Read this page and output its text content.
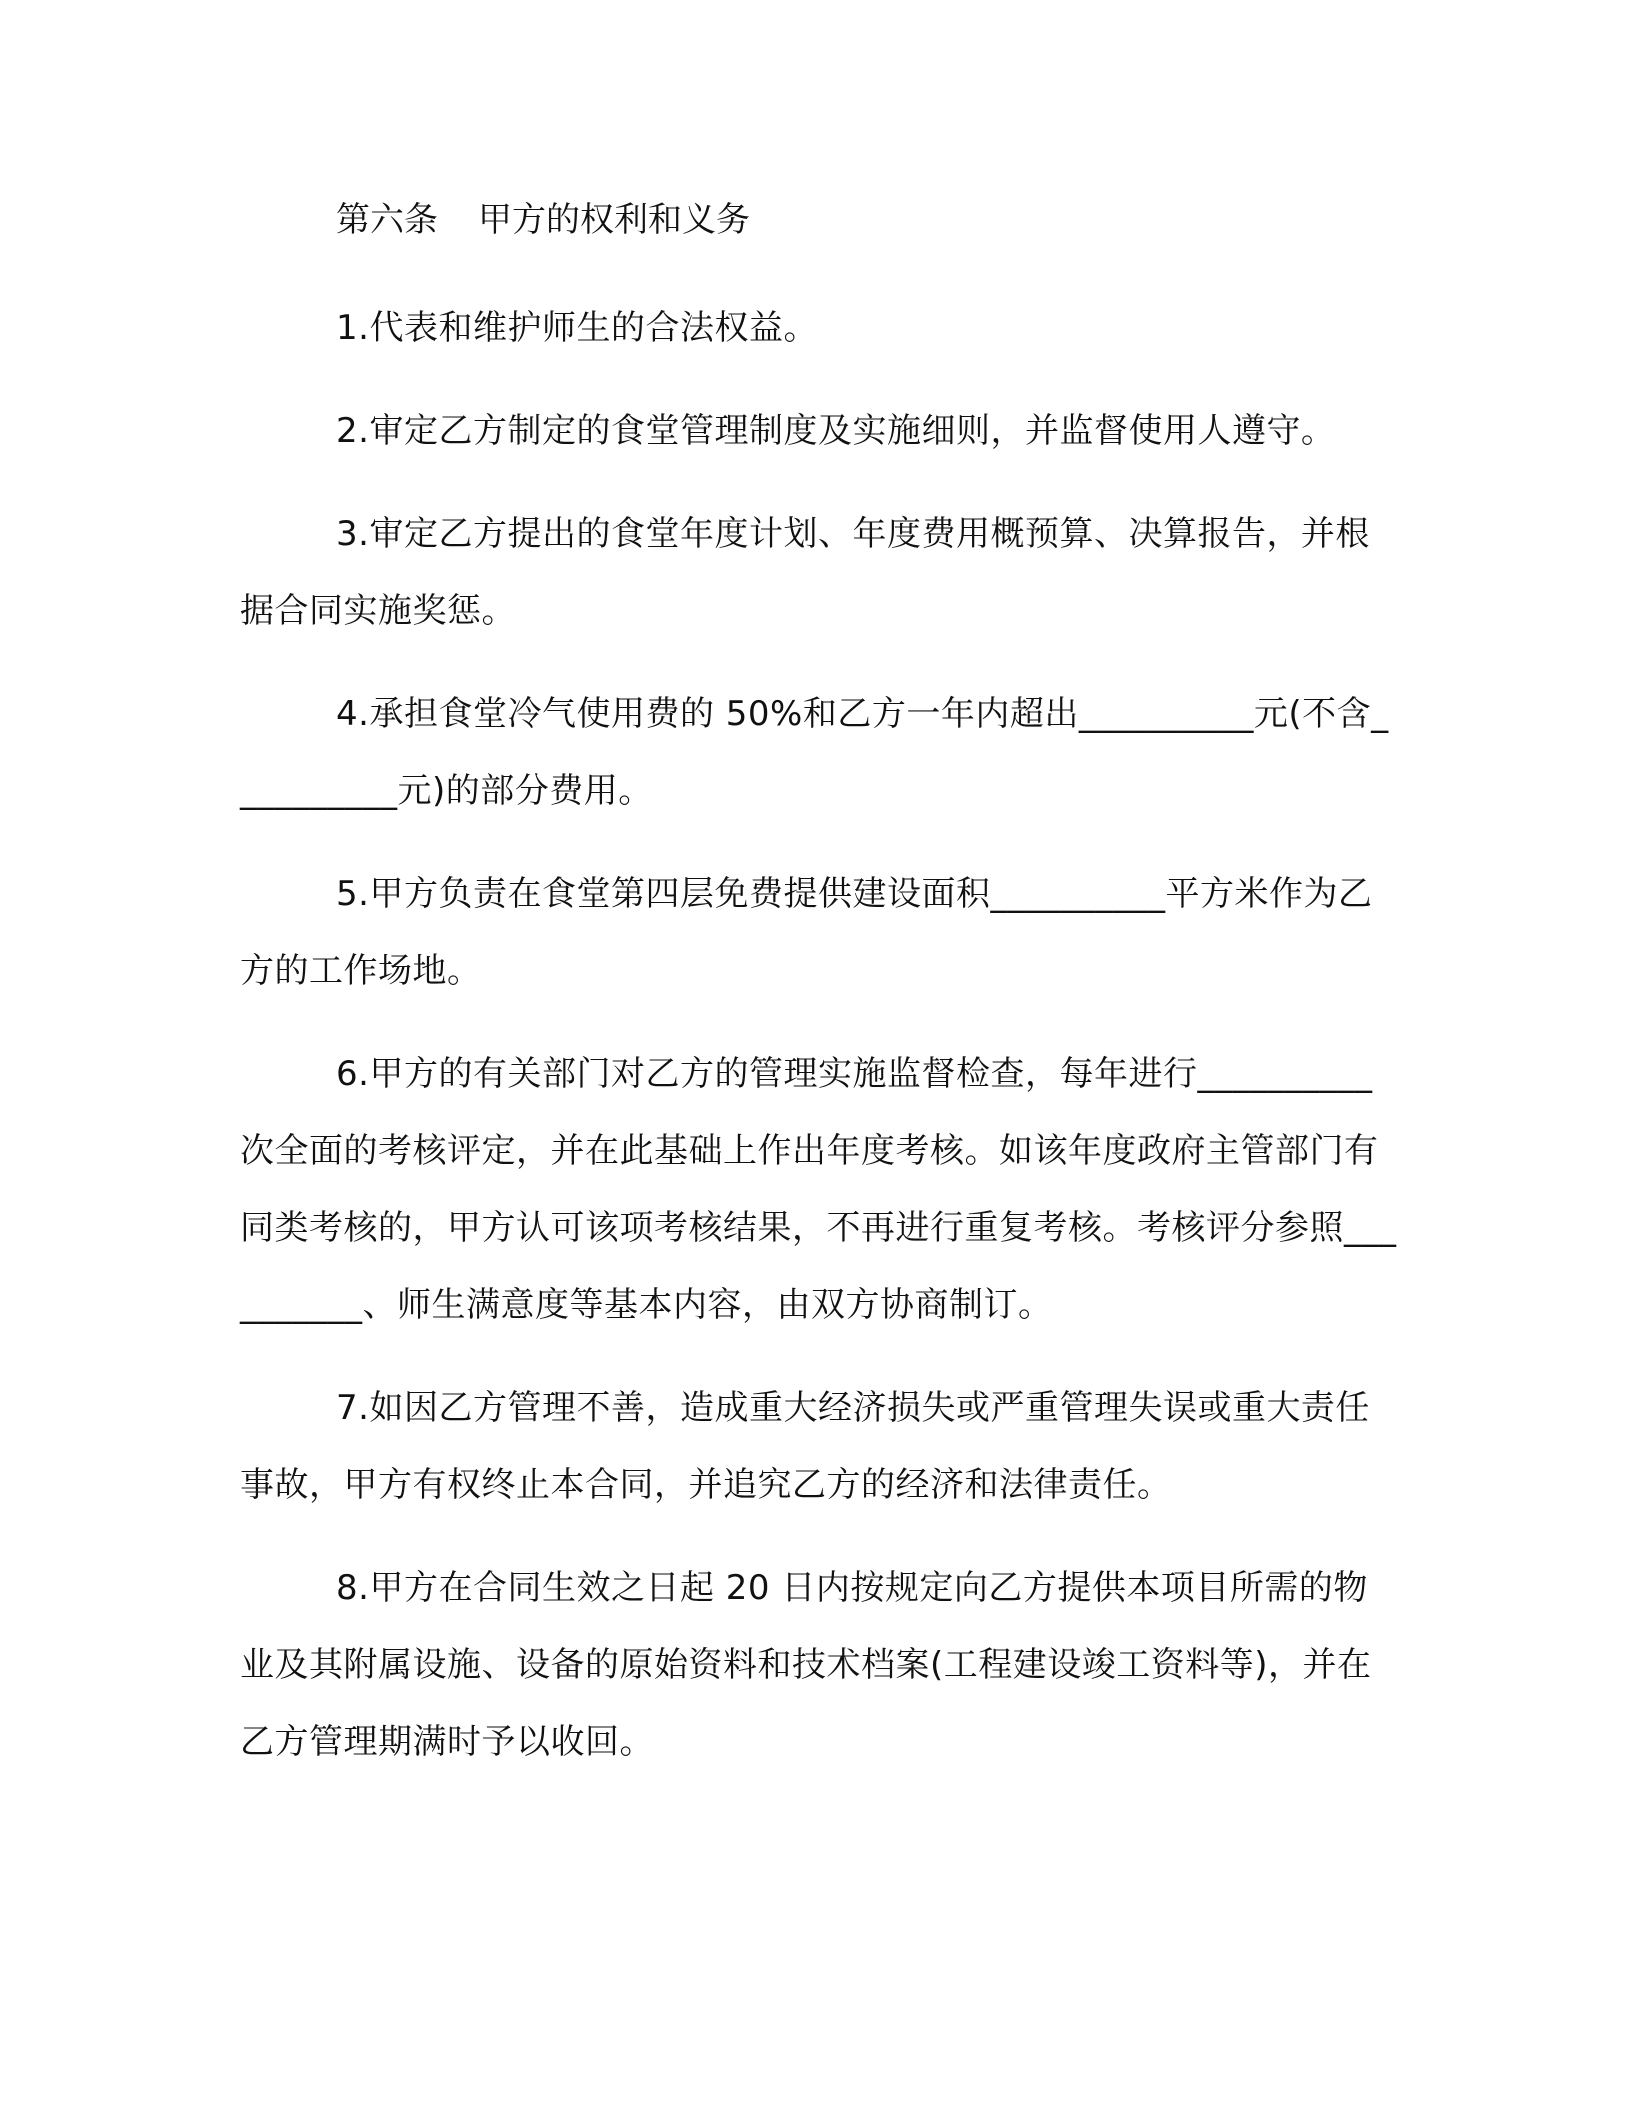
第六条 甲方的权利和义务

1.代表和维护师生的合法权益。

2.审定乙方制定的食堂管理制度及实施细则，并监督使用人遵守。

3.审定乙方提出的食堂年度计划、年度费用概预算、决算报告，并根据合同实施奖惩。

4.承担食堂冷气使用费的 50%和乙方一年内超出__________元(不含__________元)的部分费用。

5.甲方负责在食堂第四层免费提供建设面积__________平方米作为乙方的工作场地。

6.甲方的有关部门对乙方的管理实施监督检查，每年进行__________次全面的考核评定，并在此基础上作出年度考核。如该年度政府主管部门有同类考核的，甲方认可该项考核结果，不再进行重复考核。考核评分参照__________、师生满意度等基本内容，由双方协商制订。

7.如因乙方管理不善，造成重大经济损失或严重管理失误或重大责任事故，甲方有权终止本合同，并追究乙方的经济和法律责任。

8.甲方在合同生效之日起 20 日内按规定向乙方提供本项目所需的物业及其附属设施、设备的原始资料和技术档案(工程建设竣工资料等)，并在乙方管理期满时予以收回。
